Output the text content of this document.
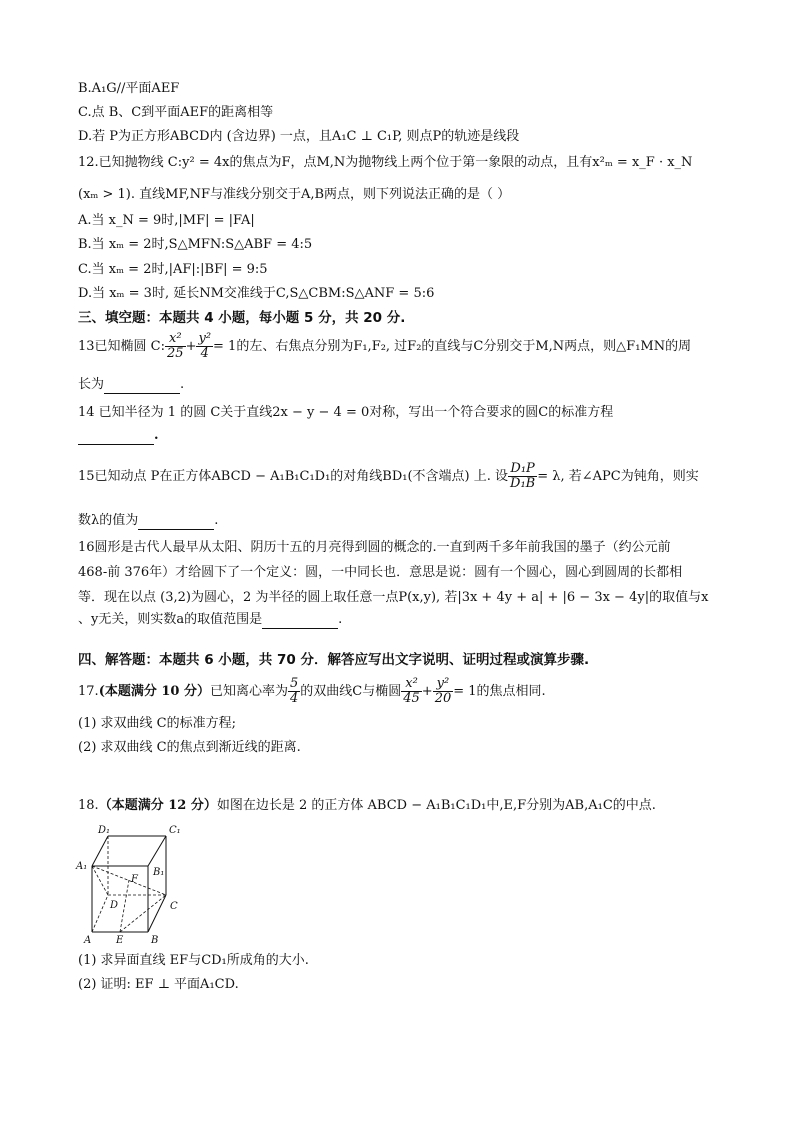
B.A₁G//平面AEF
C.点 B、C到平面AEF的距离相等
D.若 P为正方形ABCD内 (含边界) 一点，且A₁C ⊥ C₁P, 则点P的轨迹是线段
12.已知抛物线 C:y² = 4x的焦点为F，点M,N为抛物线上两个位于第一象限的动点，且有x²ₘ = x_F · x_N
(xₘ > 1). 直线MF,NF与准线分别交于A,B两点，则下列说法正确的是（ ）
A.当 x_N = 9时,|MF| = |FA|
B.当 xₘ = 2时,S△MFN:S△ABF = 4:5
C.当 xₘ = 2时,|AF|:|BF| = 9:5
D.当 xₘ = 3时, 延长NM交准线于C,S△CBM:S△ANF = 5:6
三、填空题：本题共 4 小题，每小题 5 分，共 20 分.
13已知椭圆 C: $\frac{\text{x²}}{25} + \frac{\text{y²}}{4} = 1$的左、右焦点分别为F₁,F₂, 过F₂的直线与C分别交于M,N两点，则△F₁MN的周
长为	.
14 已知半径为 1 的圆 C关于直线2x − y − 4 = 0对称，写出一个符合要求的圆C的标准方程
.
15已知动点 P在正方体ABCD − A₁B₁C₁D₁的对角线BD₁(不含端点) 上. 设 $\frac{\text{D₁P}}{\text{D₁B}} = \lambda$, 若∠APC为钝角，则实
数λ的值为	.
16圆形是古代人最早从太阳、阴历十五的月亮得到圆的概念的.一直到两千多年前我国的墨子（约公元前
468-前 376年）才给圆下了一个定义：圆，一中同长也．意思是说：圆有一个圆心，圆心到圆周的长都相
等．现在以点 (3,2)为圆心，2 为半径的圆上取任意一点P(x,y), 若|3x + 4y + a| + |6 − 3x − 4y|的取值与x
、y无关，则实数a的取值范围是	.
四、解答题：本题共 6 小题，共 70 分．解答应写出文字说明、证明过程或演算步骤.
17.(本题满分 10 分）已知离心率为 $\frac{5}{4}$ 的双曲线C与椭圆 $\frac{\text{x²}}{45} + \frac{\text{y²}}{20} = 1$的焦点相同.
(1) 求双曲线 C的标准方程;
(2) 求双曲线 C的焦点到渐近线的距离.
18.（本题满分 12 分）如图在边长是 2 的正方体 ABCD − A₁B₁C₁D₁中,E,F分别为AB,A₁C的中点.
D₁	C₁
A₁
B₁
F
D	C
A E	B
(1) 求异面直线 EF与CD₁所成角的大小.
(2) 证明: EF ⊥ 平面A₁CD.
